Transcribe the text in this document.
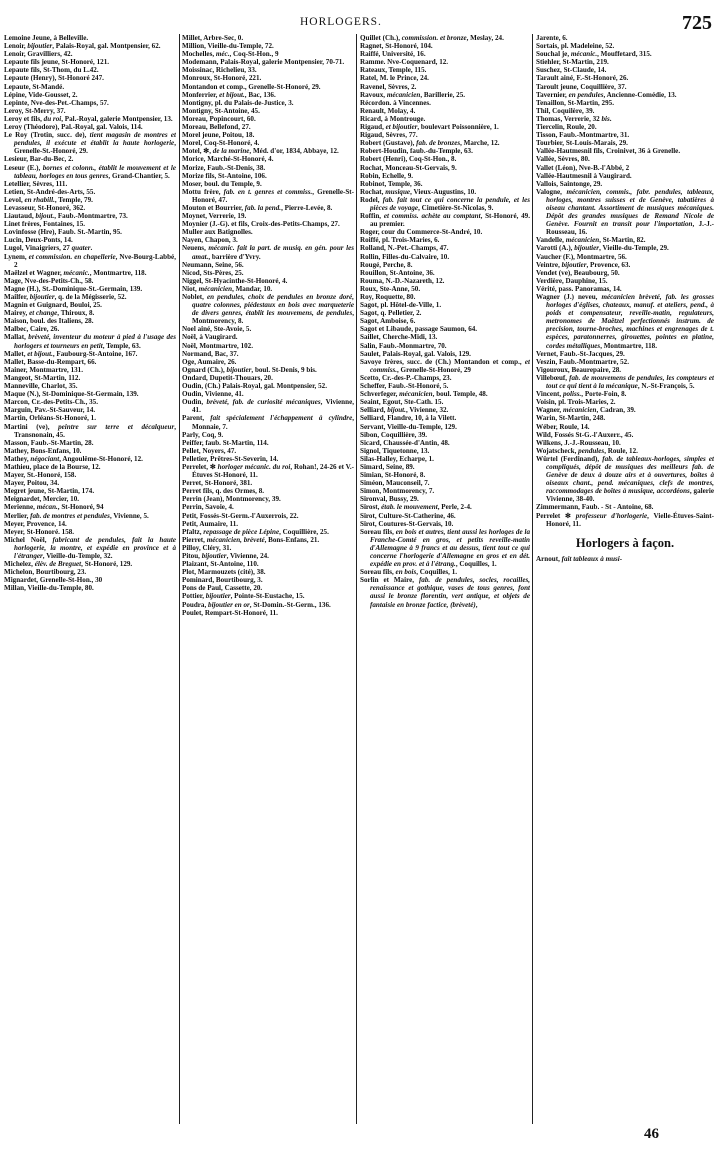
HORLOGERS.	725

Lemoine Jeune, à Belleville.

Lenoir, bijoutier, Palais-Royal, gal. Montpensier, 62.

Lenoir, Gravilliers, 42.

Lepaute fils jeune, St-Honoré, 121.

Lepaute fils, St-Thom, du L.42.

Lepaute (Henry), St-Honoré 247.

Lepaute, St-Mandé.

Lépine, Vide-Gousset, 2.

Lepinte, Nve-des-Pet.-Champs, 57.

Leroy, St-Merry, 37.

Leroy et fils, du roi, Pal.-Royal, galerie Montpensier, 13.

Leroy (Théodore), Pal.-Royal, gal. Valois, 114.

Le Roy (Trotin, succ. de), tient magasin de montres et pendules, il exécute et établit la haute horlogerie, Grenelle-St.-Honoré, 29.

Lesieur, Bar-du-Bec, 2.

Leseur (E.), bornes et colonn., établit le mouvement et le tableau, horloges en tous genres, Grand-Chantier, 5.

Letellier, Sèvres, 111.

Letien, St-André-des-Arts, 55.

Levol, en rhabill., Temple, 79.

Levasseur, St-Honoré, 362.

Liautaud, bijout., Faub.-Montmartre, 73.

Linet frères, Fontaines, 15.

Lovinfosse (Hre), Faub. St.-Martin, 95.

Lucin, Deux-Ponts, 14.

Lugol, Vinaigriers, 27 quater.

Lynem, et commission. en chapellerie, Nve-Bourg-Labbé, 2

Maëlzel et Wagner, mécanic., Montmartre, 118.

Mage, Nve-des-Petits-Ch., 58.

Magne (H.), St.-Dominique-St.-Germain, 139.

Mailfer, bijoutier, q. de la Mégisserie, 52.

Magnin et Guignard, Bouloi, 25.

Mairey, et change, Thiroux, 8.

Maison, boul. des Italiens, 28.

Malbec, Caire, 26.

Mallat, brèveté, inventeur du moteur à pied à l'usage des horlogers et tourneurs en petit, Temple, 63.

Mallet, et bijout., Faubourg-St-Antoine, 167.

Mallet, Basse-du-Rempart, 66.

Mainer, Montmartre, 131.

Mangeot, St-Martin, 112.

Manneville, Charlot, 35.

Maque (N.), St-Dominique-St-Germain, 139.

Marcon, Cr.-des-Petits-Ch., 35.

Marguin, Pav.-St-Sauveur, 14.

Martin, Orléans-St-Honoré, 1.

Martini (ve), peintre sur terre et décalqueur, Transnonain, 45.

Masson, Faub.-St-Martin, 28.

Mathey, Bons-Enfans, 10.

Mathey, négociant, Angoulême-St-Honoré, 12.

Mathieu, place de la Bourse, 12.

Mayer, St.-Honoré, 158.

Mayer, Poitou, 34.

Megret jeune, St-Martin, 174.

Meignardet, Mercier, 10.

Merienne, mécan., St-Honoré, 94

Merlier, fab. de montres et pendules, Vivienne, 5.

Meyer, Provence, 14.

Meyer, St-Honoré. 158.

Michel Noël, fabricant de pendules, fait la haute horlogerie, la montre, et expédie en province et à l'étranger, Vieille-du-Temple, 32.

Michelez, élèv. de Breguet, St-Honoré, 129.

Michelon, Bourtibourg, 23.

Mignardet, Grenelle-St-Hon., 30

Millan, Vieille-du-Temple, 80.

Millet, Arbre-Sec, 0.

Million, Vieille-du-Temple, 72.

Mochelles, méc., Coq-St-Hon., 9

Modemann, Palais-Royal, galerie Montpensier, 70-71.

Moissinac, Richelieu, 33.

Monroux, St-Honoré, 221.

Montandon et comp., Grenelle-St-Honoré, 29.

Monferrier, et bijout., Bac, 136.

Montigny, pl. du Palais-de-Justice, 3.

Montigny, St-Antoine, 45.

Moreau, Popincourt, 60.

Moreau, Bellefond, 27.

Morel jeune, Poitou, 18.

Morel, Coq-St-Honoré, 4.

Motel, ✻, de la marine, Méd. d'or, 1834, Abbaye, 12.

Morice, Marché-St-Honoré, 4.

Morize, Faub.-St-Denis, 38.

Morize fils, St-Antoine, 106.

Moser, boul. du Temple, 9.

Mottu frère, fab. en t. genres et commiss., Grenelle-St-Honoré, 47.

Mouton et Bourrier, fab. la pend., Pierre-Levée, 8.

Moynet, Verrerie, 19.

Moynier (J.-G). et fils, Croix-des-Petits-Champs, 27.

Muller aux Batignolles.

Nayen, Chapon, 3.

Neuens, mécanic. fait la part. de musiq. en gén. pour les amat., barrière d'Yvry.

Neumann, Seine, 56.

Nicod, Sts-Pères, 25.

Niggel, St-Hyacinthe-St-Honoré, 4.

Niot, mécanicien, Mandar, 10.

Noblet, en pendules, choix de pendules en bronze doré, quatre colonnes, piédestaux en bois avec marqueterie de divers genres, établit les mouvemens, de pendules, Montmorency, 8.

Noel ainé, Ste-Avoie, 5.

Noël, à Vaugirard.

Noël, Montmartre, 102.

Normand, Bac, 37.

Oge, Aumaire, 26.

Ognard (Ch.), bijoutier, boul. St-Denis, 9 bis.

Ondard, Dupetit-Thouars, 20.

Oudin, (Ch.) Palais-Royal, gal. Montpensier, 52.

Oudin, Vivienne, 41.

Oudin, brèveté, fab. de curiosité mécaniques, Vivienne, 41.

Parent, fait spécialement l'échappement à cylindre, Monnaie, 7.

Parly, Coq, 9.

Peiffer, faub. St-Martin, 114.

Pellet, Noyers, 47.

Pelletier, Prêtres-St-Severin, 14.

Perrelet, ✻ horloger mécanic. du roi, Rohan!, 24-26 et V.-Étuves St-Honoré, 11.

Perret, St-Honoré, 381.

Perret fils, q. des Ormes, 8.

Perrin (Jean), Montmorency, 39.

Perrin, Savoie, 4.

Petit, Fossés-St-Germ.-l'Auxerrois, 22.

Petit, Aumaire, 11.

Pfaltz, repassage de pièce Lépine, Coquillière, 25.

Pierret, mécanicien, brèveté, Bons-Enfans, 21.

Pilloy, Cléry, 31.

Pitou, bijoutier, Vivienne, 24.

Plaizant, St-Antoine, 110.

Plot, Marmouzets (cité), 38.

Pominard, Bourtibourg, 3.

Pons de Paul, Cassette, 20.

Pottier, bijoutier, Pointe-St-Eustache, 15.

Poudra, bijoutier en or, St-Domin.-St-Germ., 136.

Poulet, Rempart-St-Honoré, 11.

Quillet (Ch.), commission. et bronze, Meslay, 24.

Ragnet, St-Honoré, 104.

Raiffé, Université, 16.

Ramme. Nve-Coquenard, 12.

Rateaux, Temple, 115.

Ratel, M. le Prince, 24.

Ravenel, Sèvres, 2.

Ravoux, mécanicien, Barillerie, 25.

Récordon. à Vincennes.

Renault, Molay, 4.

Ricard, à Montrouge.

Rigaud, et bijoutier, boulevart Poissonnière, 1.

Rigaud, Sèvres, 77.

Robert (Gustave), fab. de bronzes, Marche, 12.

Robert-Houdin, faub.-du-Temple, 63.

Robert (Henri), Coq-St-Hon., 8.

Rochat, Monceau-St-Gervais, 9.

Robin, Echelle, 9.

Robinot, Temple, 36.

Rochat, musique, Vieux-Augustins, 10.

Rodel, fab. fait tout ce qui concerne la pendule, et les pièces de voyage, Cimetière-St-Nicolas, 9.

Roffin, et commiss. achète au comptant, St-Honoré, 49. au premier.

Roger, cour du Commerce-St-André, 10.

Roiffé, pl. Trois-Maries, 6.

Rolland, N.-Pet.-Champs, 47.

Rollin, Filles-du-Calvaire, 10.

Rougé, Perche, 8.

Rouillon, St-Antoine, 36.

Rouma, N.-D.-Nazareth, 12.

Roux, Ste-Anne, 50.

Roy, Roquette, 80.

Sagot, pl. Hôtel-de-Ville, 1.

Sagot, q. Pelletier, 2.

Sagot, Amboise, 6.

Sagot et Libaude, passage Saumon, 64.

Saillet, Cherche-Midi, 13.

Salin, Faub.-Monmartre, 70.

Saulet, Palais-Royal, gal. Valois, 129.

Savoye frères, succ. de (Ch.) Montandon et comp., et commiss., Grenelle-St-Honoré, 29

Scetto, Cr.-des-P.-Champs, 23.

Scheffer, Faub.-St-Honoré, 5.

Schverfeger, mécanicien, boul. Temple, 48.

Seaint, Egout, Ste-Cath. 15.

Selliard, bijout., Vivienne, 32.

Selliard, Flandre, 10, à la Vilett.

Servant, Vieille-du-Temple, 129.

Sibon, Coquillière, 39.

Sicard, Chaussée-d'Antin, 48.

Signol, Tiquetonne, 13.

Silas-Halley, Echarpe, 1.

Simard, Seine, 89.

Simian, St-Honoré, 8.

Siméon, Mauconseil, 7.

Simon, Montmorency, 7.

Sironval, Bussy, 29.

Sirost, étab. le mouvement, Perle, 2-4.

Sirot, Culture-St-Catherine, 46.

Sirot, Coutures-St-Gervais, 10.

Soreau fils, en bois et autres, tient aussi les horloges de la Franche-Comté en gros, et petits reveille-matin d'Allemagne à 9 francs et au dessus, tient tout ce qui concerne l'horlogerie d'Allemagne en gros et en dét. expédie en prov. et à l'étrang., Coquilles, 1.

Soreau fils, en bois, Coquilles, 1.

Sorlin et Maire, fab. de pendules, socles, rocailles, renaissance et gothique, vases de tous genres, font aussi le bronze florentin, vert antique, et objets de fantaisie en bronze factice, (brèveté),

Jarente, 6.

Sortais, pl. Madeleine, 52.

Souchal je, mécanic., Mouffetard, 315.

Stiehler, St-Martin, 219.

Suschez, St-Claude, 14.

Tarault ainé, F.-St-Honoré, 26.

Taroult jeune, Coquillière, 37.

Tavernier, en pendules, Ancienne-Comédie, 13.

Tenaillon, St-Martin, 295.

Thil, Coquilère, 39.

Thomas, Verrerie, 32 bis.

Tiercelin, Roule, 20.

Tisson, Faub.-Montmartre, 31.

Tourbier, St-Louis-Marais, 29.

Vallée-Hautmesnil fils, Croinivet, 36 à Grenelle.

Vallée, Sèvres, 80.

Vallet (Léon), Nve-B.-l'Abbé, 2

Vallée-Hautmesnil à Vaugirard.

Vallois, Saintonge, 29.

Valogne, mécanicien, commis., fabr. pendules, tableaux, horloges, montres suisses et de Genève, tabatières à oiseau chantant. Assortiment de musiques mécaniques. Dépôt des grandes musiques de Remand Nicole de Genève. Fournit en transit pour l'importation, J.-J.-Rousseau, 16.

Vandelle, mécanicien, St-Martin, 82.

Varotti (A.), bijoutier, Vieille-du-Temple, 29.

Vaucher (F.), Montmartre, 56.

Veintre, bijoutier, Provence, 63.

Vendet (ve), Beaubourg, 50.

Verdière, Dauphine, 15.

Vérité, pass. Panoramas, 14.

Wagner (J.) neveu, mécanicien brèveté, fab. les grosses horloges d'églises, chateaux, manuf. et ateliers, pend., à poids et compensateur, reveille-matin, regulateurs, metronomes de Maëtzel perfectionnés instrum. de precision, tourne-broches, machines et engrenages de t. espèces, paratonnerres, girouettes, pointes en platine, cordes métalliques, Montmartre, 118.

Vernet, Faub.-St-Jacques, 29.

Veszin, Faub.-Montmartre, 52.

Vigouroux, Beaurepaire, 28.

Villebœuf, fab. de mouvemens de pendules, les compteurs et tout ce qui tient à la mécanique, N.-St-François, 5.

Vincent, poliss., Porte-Foin, 8.

Voisin, pl. Trois-Maries, 2.

Wagner, mécanicien, Cadran, 39.

Warin, St-Martin, 248.

Wéber, Roule, 14.

Wild, Fossés St-G.-l'Auxerr., 45.

Wilkens, J.-J.-Rousseau, 10.

Wojatscheck, pendules, Roule, 12.

Würtel (Ferdinand), fab. de tableaux-horloges, simples et compliqués, dépôt de musiques des meilleurs fab. de Genève de deux à douze airs et à ouvertures, boîtes à oiseaux chant., pend. mécaniques, clefs de montres, raccommodages de boîtes à musique, accordéons, galerie Vivienne, 38-40.

Zimmermann, Faub. - St - Antoine, 68.

Perrelet ✻ professeur d'horlogerie, Vielle-Étuves-Saint-Honoré, 11.

Horlogers à façon.

Arnout, fait tableaux à musi-

46
